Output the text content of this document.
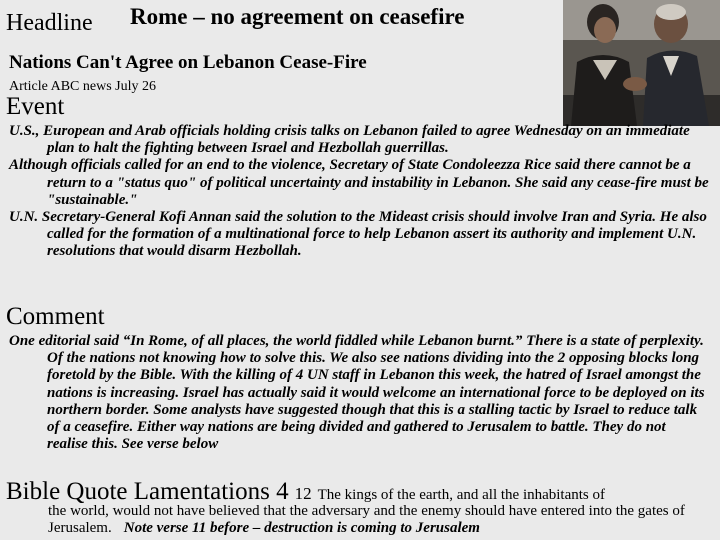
Headline Rome – no agreement on ceasefire
Nations Can't Agree on Lebanon Cease-Fire
Article ABC news July 26
Event

U.S., European and Arab officials holding crisis talks on Lebanon failed to agree Wednesday on an immediate plan to halt the fighting between Israel and Hezbollah guerrillas.

Although officials called for an end to the violence, Secretary of State Condoleezza Rice said there cannot be a return to a "status quo" of political uncertainty and instability in Lebanon. She said any cease-fire must be "sustainable."

U.N. Secretary-General Kofi Annan said the solution to the Mideast crisis should involve Iran and Syria. He also called for the formation of a multinational force to help Lebanon assert its authority and implement U.N. resolutions that would disarm Hezbollah.

Comment

One editorial said “In Rome, of all places, the world fiddled while Lebanon burnt.” There is a state of perplexity. Of the nations not knowing how to solve this. We also see nations dividing into the 2 opposing blocks long foretold by the Bible. With the killing of 4 UN staff in Lebanon this week, the hatred of Israel amongst the nations is increasing. Israel has actually said it would welcome an international force to be deployed on its northern border. Some analysts have suggested though that this is a stalling tactic by Israel to reduce talk of a ceasefire. Either way nations are being divided and gathered to Jerusalem to battle. They do not realise this. See verse below

Bible Quote Lamentations 4 12 The kings of the earth, and all the inhabitants of
the world, would not have believed that the adversary and the enemy should have entered into the gates of Jerusalem. Note verse 11 before – destruction is coming to Jerusalem
